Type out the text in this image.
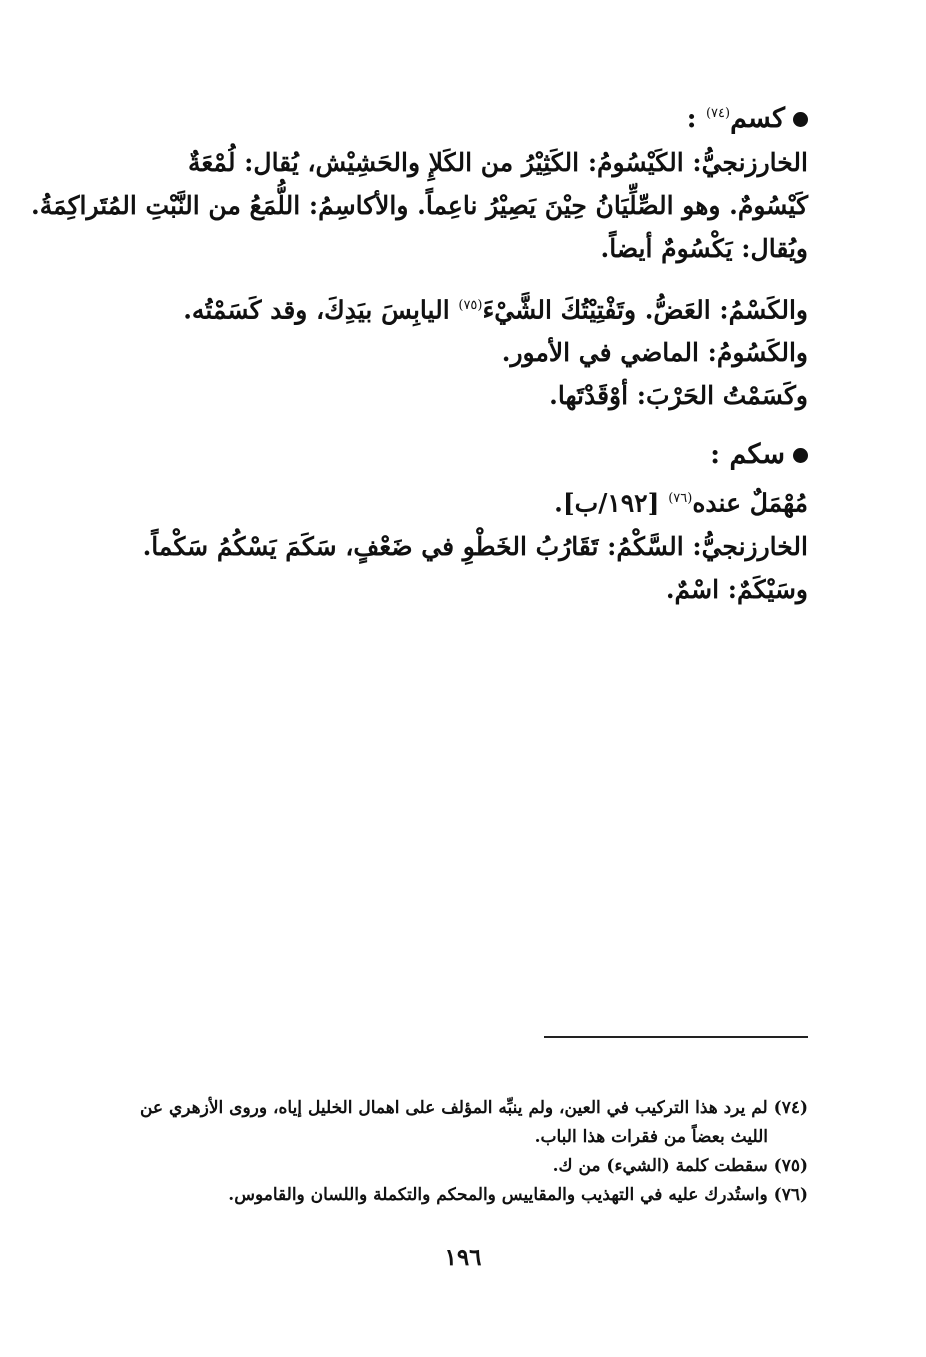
كسم$^{(٧٤)}$ :
الخارزنجيُّ: الكَيْسُومُ: الكَثِيْرُ من الكَلإِ والحَشِيْش، يُقال: لُمْعَةٌ
كَيْسُومٌ. وهو الصِّلِّيَانُ حِيْنَ يَصِيْرُ ناعِماً. والأكاسِمُ: اللُّمَعُ من النَّبْتِ المُتَراكِمَةُ.
ويُقال: يَكْسُومٌ أيضاً.
والكَسْمُ: العَضُّ. وتَفْتِيْتُكَ الشَّيْءَ$^{(٧٥)}$ اليابِسَ بيَدِكَ، وقد كَسَمْتُه.
والكَسُومُ: الماضي في الأمور.
وكَسَمْتُ الحَرْبَ: أوْقَدْتَها.
سكم :
مُهْمَلٌ عنده$^{(٧٦)}$ [١٩٢/ب].
الخارزنجيُّ: السَّكْمُ: تَقَارُبُ الخَطْوِ في ضَعْفٍ، سَكَمَ يَسْكُمُ سَكْماً.
وسَيْكَمٌ: اسْمٌ.
(٧٤) لم يرد هذا التركيب في العين، ولم ينبِّه المؤلف على اهمال الخليل إياه، وروى الأزهري عن
الليث بعضاً من فقرات هذا الباب.
(٧٥) سقطت كلمة (الشيء) من ك.
(٧٦) واستُدرك عليه في التهذيب والمقاييس والمحكم والتكملة واللسان والقاموس.
١٩٦
